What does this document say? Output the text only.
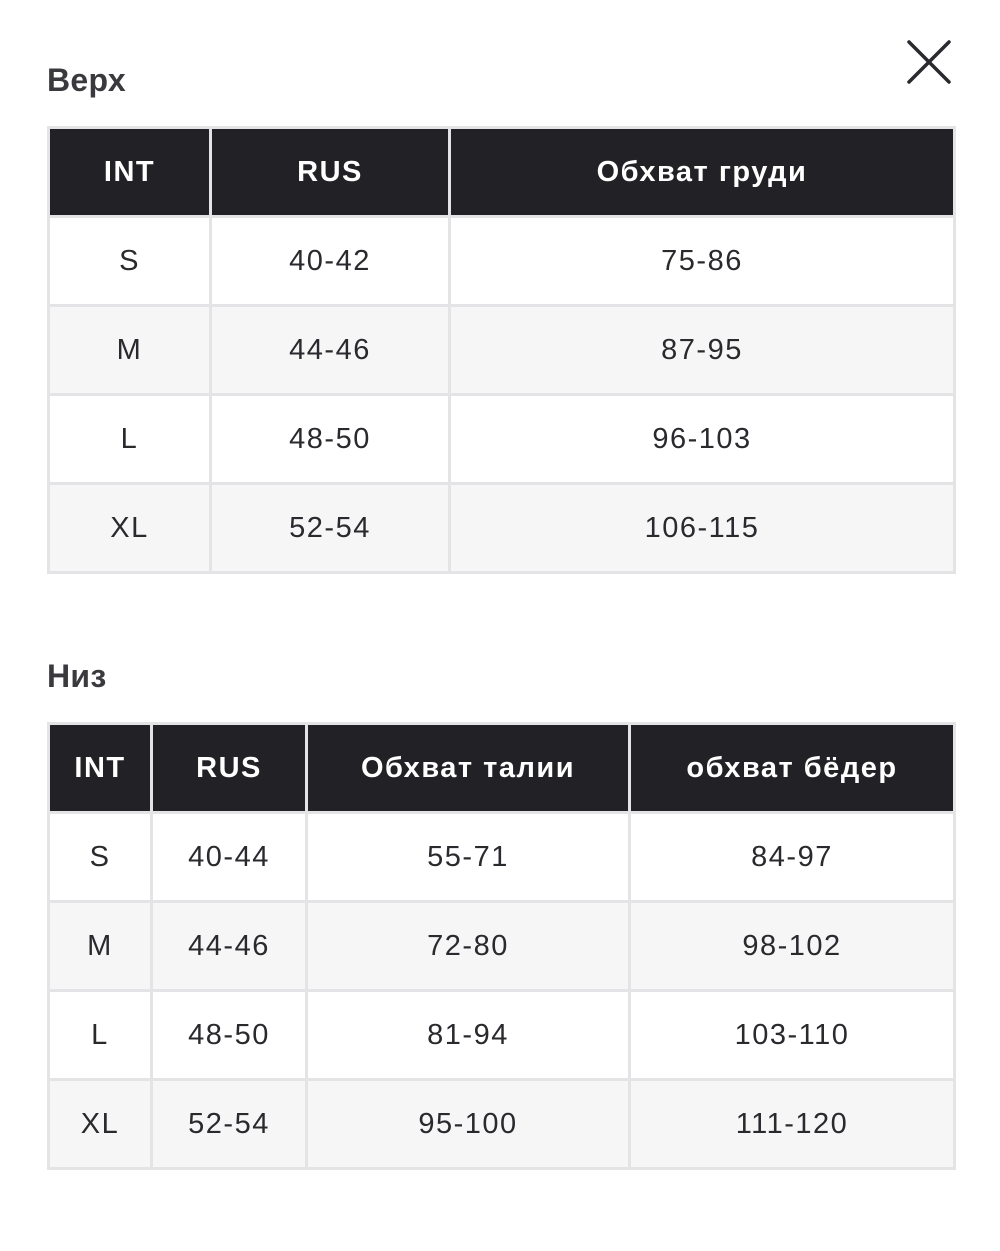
Верх
INT	RUS	Обхват груди
S	40-42	75-86
M	44-46	87-95
L	48-50	96-103
XL	52-54	106-115
Низ
INT	RUS	Обхват талии	обхват бёдер
S	40-44	55-71	84-97
M	44-46	72-80	98-102
L	48-50	81-94	103-110
XL	52-54	95-100	111-120
